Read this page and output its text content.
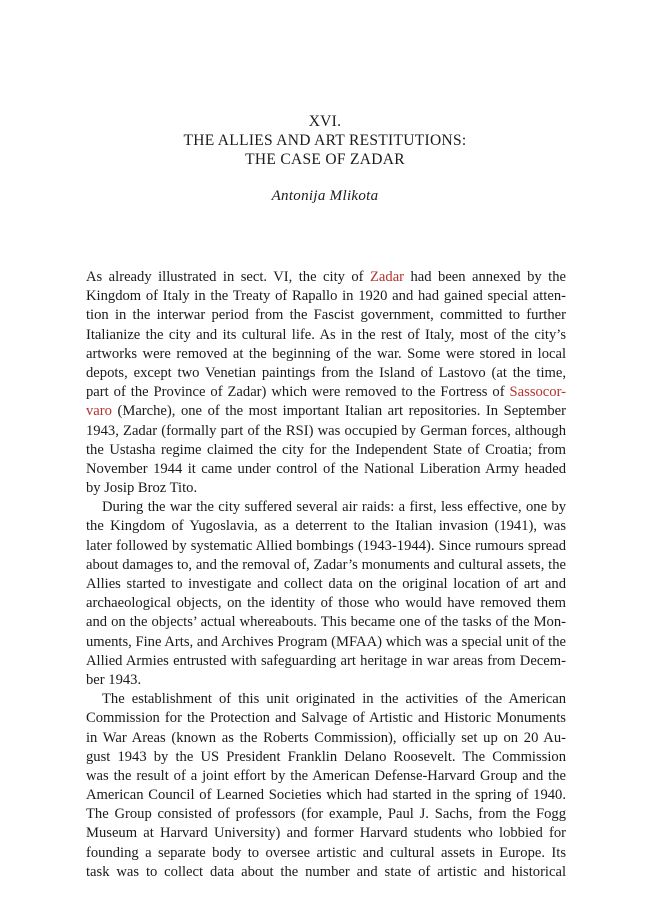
XVI.
THE ALLIES AND ART RESTITUTIONS:
THE CASE OF ZADAR
Antonija Mlikota
As already illustrated in sect. VI, the city of Zadar had been annexed by the
Kingdom of Italy in the Treaty of Rapallo in 1920 and had gained special atten-
tion in the interwar period from the Fascist government, committed to further
Italianize the city and its cultural life. As in the rest of Italy, most of the city’s
artworks were removed at the beginning of the war. Some were stored in local
depots, except two Venetian paintings from the Island of Lastovo (at the time,
part of the Province of Zadar) which were removed to the Fortress of Sassocor-
varo (Marche), one of the most important Italian art repositories. In September
1943, Zadar (formally part of the RSI) was occupied by German forces, although
the Ustasha regime claimed the city for the Independent State of Croatia; from
November 1944 it came under control of the National Liberation Army headed
by Josip Broz Tito.
During the war the city suffered several air raids: a first, less effective, one by
the Kingdom of Yugoslavia, as a deterrent to the Italian invasion (1941), was
later followed by systematic Allied bombings (1943-1944). Since rumours spread
about damages to, and the removal of, Zadar’s monuments and cultural assets, the
Allies started to investigate and collect data on the original location of art and
archaeological objects, on the identity of those who would have removed them
and on the objects’ actual whereabouts. This became one of the tasks of the Mon-
uments, Fine Arts, and Archives Program (MFAA) which was a special unit of the
Allied Armies entrusted with safeguarding art heritage in war areas from Decem-
ber 1943.
The establishment of this unit originated in the activities of the American
Commission for the Protection and Salvage of Artistic and Historic Monuments
in War Areas (known as the Roberts Commission), officially set up on 20 Au-
gust 1943 by the US President Franklin Delano Roosevelt. The Commission
was the result of a joint effort by the American Defense-Harvard Group and the
American Council of Learned Societies which had started in the spring of 1940.
The Group consisted of professors (for example, Paul J. Sachs, from the Fogg
Museum at Harvard University) and former Harvard students who lobbied for
founding a separate body to oversee artistic and cultural assets in Europe. Its
task was to collect data about the number and state of artistic and historical
